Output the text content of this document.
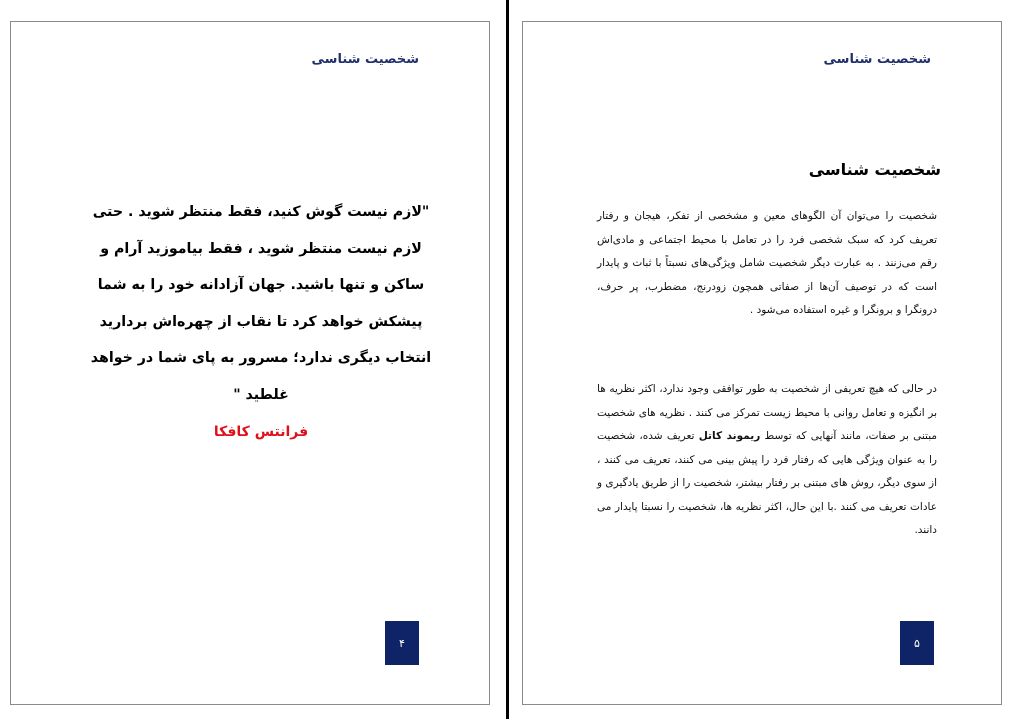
شخصیت شناسی

"لازم نیست گوش کنید، فقط منتظر شوید . حتی لازم نیست منتظر شوید ، فقط بیاموزید آرام و ساکن و تنها باشید. جهان آزادانه خود را به شما پیشکش خواهد کرد تا نقاب از چهره‌اش بردارید انتخاب دیگری ندارد؛ مسرور به پای شما در خواهد غلطید "

فرانتس کافکا
۴
شخصیت شناسی
شخصیت شناسی

شخصیت را می‌توان آن الگوهای معین و مشخصی از تفکر، هیجان و رفتار تعریف کرد که سبک شخصی فرد را در تعامل با محیط اجتماعی و مادی‌اش رقم می‌زنند . به عبارت دیگر شخصیت شامل ویژگی‌های نسبتاً با ثبات و پایدار است که در توصیف آن‌ها از صفاتی همچون زودرنج، مضطرب، پر حرف، درونگرا و برونگرا و غیره استفاده می‌شود .

در حالی که هیچ تعریفی از شخصیت به طور توافقی وجود ندارد، اکثر نظریه ها بر انگیزه و تعامل روانی با محیط زیست تمرکز می کنند . نظریه های شخصیت مبتنی بر صفات، مانند آنهایی که توسط ریموند کاتل تعریف شده، شخصیت را به عنوان ویژگی هایی که رفتار فرد را پیش بینی می کنند، تعریف می کنند ، از سوی دیگر، روش های مبتنی بر رفتار بیشتر، شخصیت را از طریق یادگیری و عادات تعریف می کنند .با این حال، اکثر نظریه ها، شخصیت را نسبتا پایدار می دانند.

۵
